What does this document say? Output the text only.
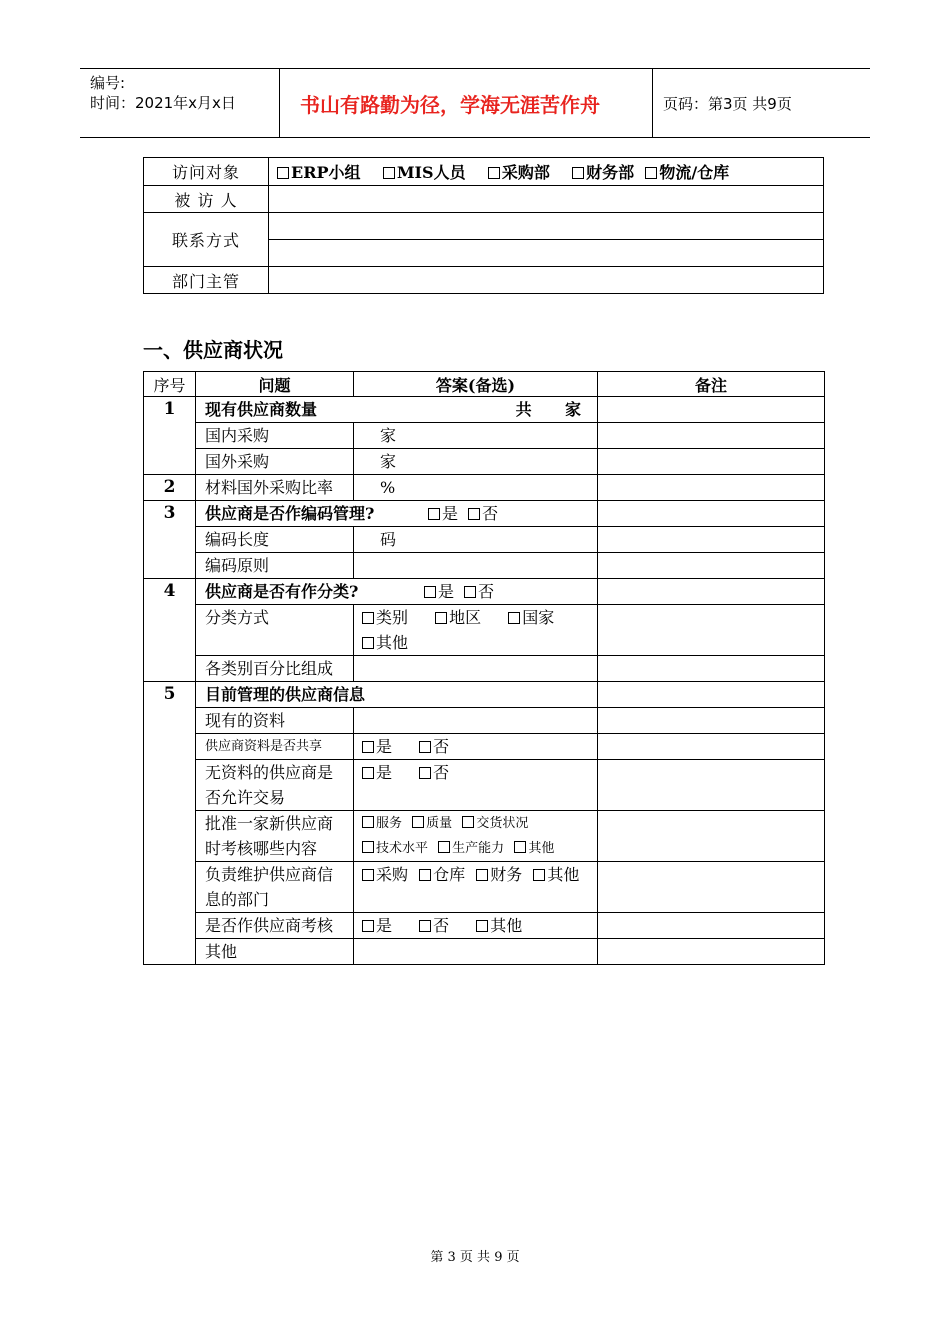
编号:
时间：2021年x月x日	书山有路勤为径，学海无涯苦作舟	页码：第3页 共9页
访问对象	ERP小组 MIS人员 采购部 财务部 物流/仓库
被 访 人	
联系方式	

部门主管	
一、供应商状况
序号	问题	答案(备选)	备注
1	现有供应商数量 共      家		

	国内采购	家	
	国外采购	家	
2	材料国外采购比率	%	
3	供应商是否作编码管理? 是 否		
	编码长度	码	
	编码原则		
4	供应商是否有作分类? 是 否		
	分类方式	类别 地区 国家
其他	
	各类别百分比组成		
5	目前管理的供应商信息		
	现有的资料		
	供应商资料是否共享	是 否	
	无资料的供应商是否允许交易	是 否	
	批准一家新供应商时考核哪些内容	服务 质量 交货状况
技术水平 生产能力 其他	
	负责维护供应商信息的部门	采购 仓库 财务 其他	
	是否作供应商考核	是 否 其他	
	其他		
第 3 页 共 9 页
